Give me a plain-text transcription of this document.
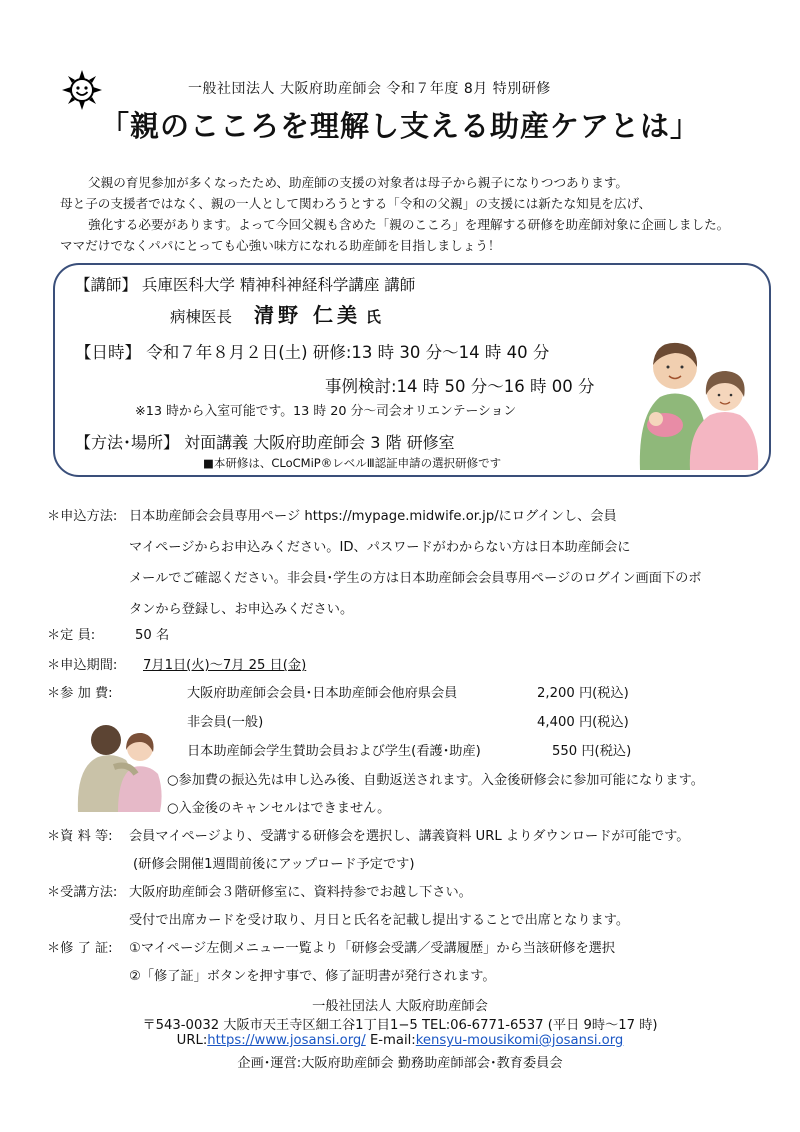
一般社団法人 大阪府助産師会 令和７年度 8月 特別研修
「親のこころを理解し支える助産ケアとは」

父親の育児参加が多くなったため、助産師の支援の対象者は母子から親子になりつつあります。

母と子の支援者ではなく、親の一人として関わろうとする「令和の父親」の支援には新たな知見を広げ、

強化する必要があります。よって今回父親も含めた「親のこころ」を理解する研修を助産師対象に企画しました。

ママだけでなくパパにとっても心強い味方になれる助産師を目指しましょう！

【講師】 兵庫医科大学 精神科神経科学講座 講師
病棟医長 清野 仁美 氏
【日時】 令和７年８月２日(土) 研修:13 時 30 分～14 時 40 分
事例検討:14 時 50 分～16 時 00 分
※13 時から入室可能です。13 時 20 分～司会オリエンテーション
【方法･場所】 対面講義 大阪府助産師会 3 階 研修室
■本研修は、CLoCMiP®レベルⅢ認証申請の選択研修です
＊申込方法: 日本助産師会会員専用ページ https://mypage.midwife.or.jp/にログインし、会員
マイページからお申込みください。ID、パスワードがわからない方は日本助産師会に
メールでご確認ください。非会員･学生の方は日本助産師会会員専用ページのログイン画面下のボ
タンから登録し、お申込みください。
＊定 員:	50 名
＊申込期間: 7月1日(火)～7月 25 日(金)
＊参 加 費:	大阪府助産師会会員･日本助産師会他府県会員	2,200 円(税込)
非会員(一般)	4,400 円(税込)
日本助産師会学生賛助会員および学生(看護･助産)	550 円(税込)
○参加費の振込先は申し込み後、自動返送されます。入金後研修会に参加可能になります。
○入金後のキャンセルはできません。
＊資 料 等: 会員マイページより、受講する研修会を選択し、講義資料 URL よりダウンロードが可能です。
(研修会開催1週間前後にアップロード予定です)
＊受講方法: 大阪府助産師会３階研修室に、資料持参でお越し下さい。
受付で出席カードを受け取り、月日と氏名を記載し提出することで出席となります。
＊修 了 証: ①マイページ左側メニュー一覧より「研修会受講／受講履歴」から当該研修を選択
②「修了証」ボタンを押す事で、修了証明書が発行されます。
一般社団法人 大阪府助産師会
〒543-0032 大阪市天王寺区細工谷1丁目1−5 TEL:06-6771-6537 (平日 9時～17 時)
URL:https://www.josansi.org/ E-mail:kensyu-mousikomi@josansi.org
企画･運営:大阪府助産師会 勤務助産師部会･教育委員会
